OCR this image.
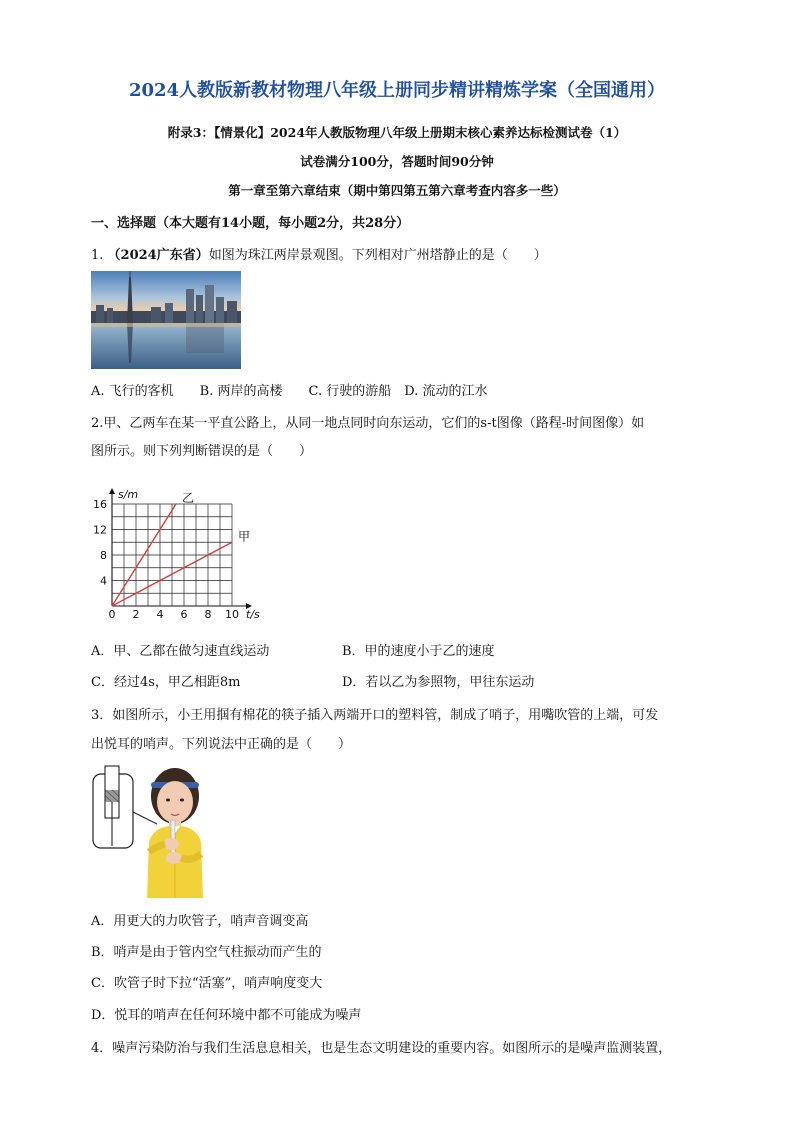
2024人教版新教材物理八年级上册同步精讲精炼学案（全国通用）
附录3：【情景化】2024年人教版物理八年级上册期末核心素养达标检测试卷（1）
试卷满分100分，答题时间90分钟
第一章至第六章结束（期中第四第五第六章考查内容多一些）
一、选择题（本大题有14小题，每小题2分，共28分）
1. （2024广东省）如图为珠江两岸景观图。下列相对广州塔静止的是（　　）
A. 飞行的客机　　B. 两岸的高楼　　C. 行驶的游船　D. 流动的江水
2.甲、乙两车在某一平直公路上，从同一地点同时向东运动，它们的s-t图像（路程-时间图像）如
图所示。则下列判断错误的是（　　）
0 2 4 6 8 10
4
8
12
16
t/s
s/m	乙
甲
A．甲、乙都在做匀速直线运动	B．甲的速度小于乙的速度
C．经过4s，甲乙相距8m	D．若以乙为参照物，甲往东运动
3．如图所示，小王用掴有棉花的筷子插入两端开口的塑料管，制成了哨子，用嘴吹管的上端，可发
出悦耳的哨声。下列说法中正确的是（　　）
A．用更大的力吹管子，哨声音调变高
B．哨声是由于管内空气柱振动而产生的
C．吹管子时下拉“活塞”，哨声响度变大
D．悦耳的哨声在任何环境中都不可能成为噪声
4．噪声污染防治与我们生活息息相关，也是生态文明建设的重要内容。如图所示的是噪声监测装置，
